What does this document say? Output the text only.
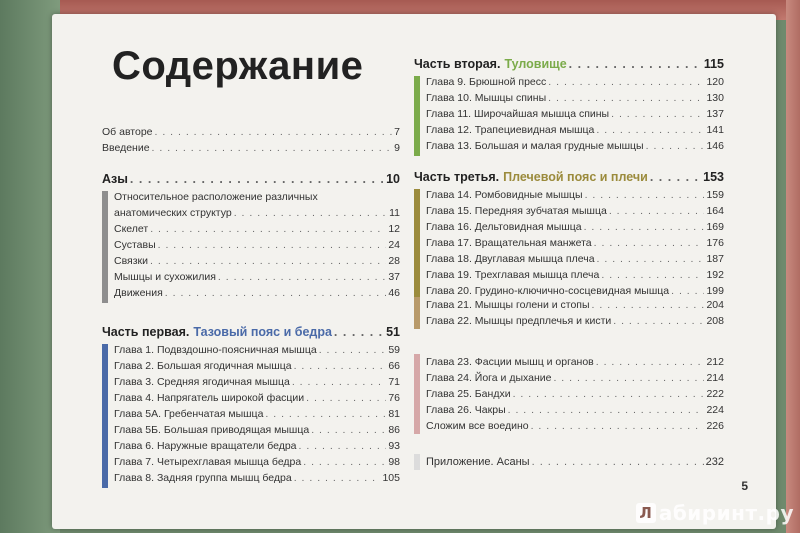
Содержание
Об авторе . . .	7
Введение . . .	9
Азы . . .	10
Относительное расположение различных
анатомических структур . . .	11
Скелет . . .	12
Суставы . . .	24
Связки . . .	28
Мышцы и сухожилия . . .	37
Движения . . .	46
Часть первая. Тазовый пояс и бедра . . .	51
Глава 1. Подвздошно-поясничная мышца . . .	59
Глава 2. Большая ягодичная мышца . . .	66
Глава 3. Средняя ягодичная мышца . . .	71
Глава 4. Напрягатель широкой фасции . . .	76
Глава 5А. Гребенчатая мышца . . .	81
Глава 5Б. Большая приводящая мышца . . .	86
Глава 6. Наружные вращатели бедра . . .	93
Глава 7. Четырехглавая мышца бедра . . .	98
Глава 8. Задняя группа мышц бедра . . .	105
Часть вторая. Туловище . . .	115
Глава 9. Брюшной пресс . . .	120
Глава 10. Мышцы спины . . .	130
Глава 11. Широчайшая мышца спины . . .	137
Глава 12. Трапециевидная мышца . . .	141
Глава 13. Большая и малая грудные мышцы . . .	146
Часть третья. Плечевой пояс и плечи . . .	153
Глава 14. Ромбовидные мышцы . . .	159
Глава 15. Передняя зубчатая мышца . . .	164
Глава 16. Дельтовидная мышца . . .	169
Глава 17. Вращательная манжета . . .	176
Глава 18. Двуглавая мышца плеча . . .	187
Глава 19. Трехглавая мышца плеча . . .	192
Глава 20. Грудино-ключично-сосцевидная мышца . . .	199
Глава 21. Мышцы голени и стопы . . .	204
Глава 22. Мышцы предплечья и кисти . . .	208
Глава 23. Фасции мышц и органов . . .	212
Глава 24. Йога и дыхание . . .	214
Глава 25. Бандхи . . .	222
Глава 26. Чакры . . .	224
Сложим все воедино . . .	226
Приложение. Асаны . . .	232
5
Л абиринт.ру
